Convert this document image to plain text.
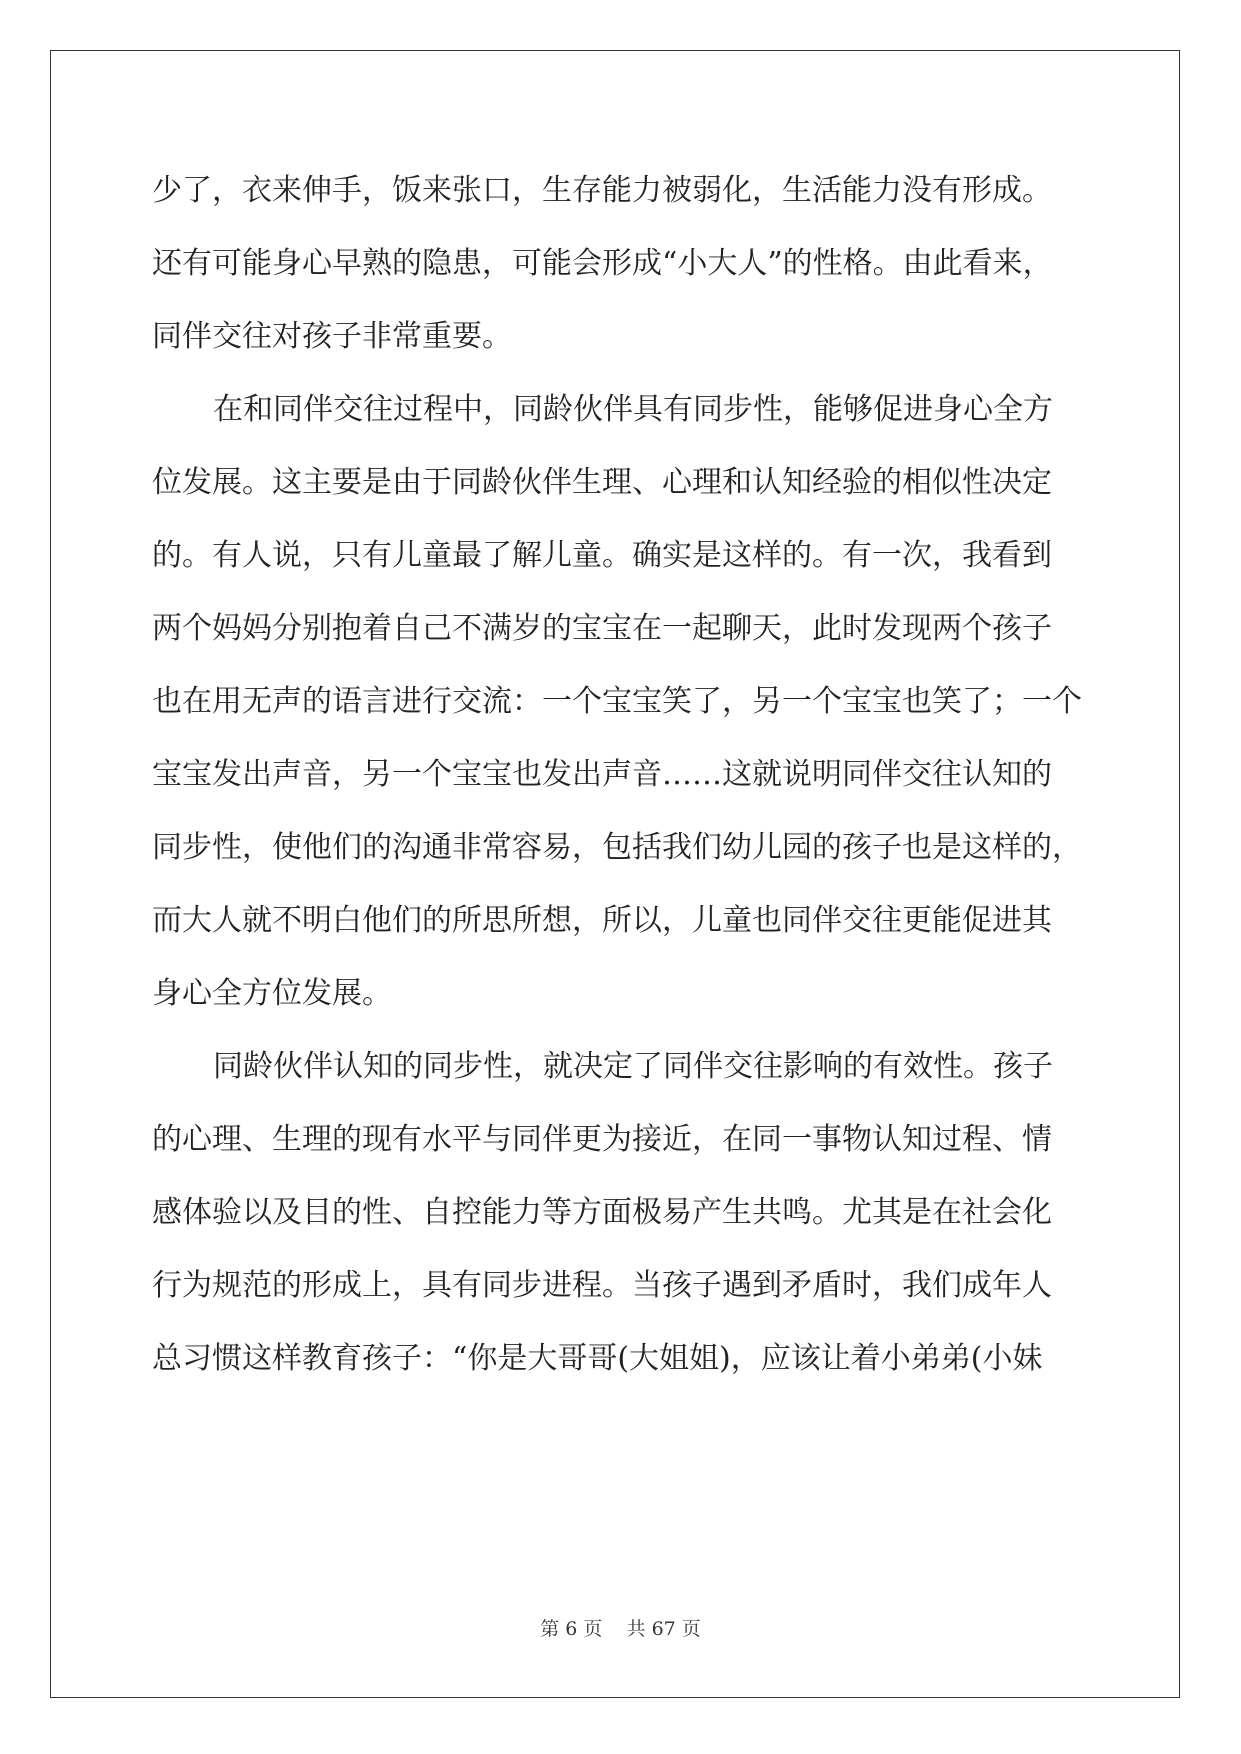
少了，衣来伸手，饭来张口，生存能力被弱化，生活能力没有形成。
还有可能身心早熟的隐患，可能会形成“小大人”的性格。由此看来，
同伴交往对孩子非常重要。
在和同伴交往过程中，同龄伙伴具有同步性，能够促进身心全方
位发展。这主要是由于同龄伙伴生理、心理和认知经验的相似性决定
的。有人说，只有儿童最了解儿童。确实是这样的。有一次，我看到
两个妈妈分别抱着自己不满岁的宝宝在一起聊天，此时发现两个孩子
也在用无声的语言进行交流：一个宝宝笑了，另一个宝宝也笑了；一个
宝宝发出声音，另一个宝宝也发出声音……这就说明同伴交往认知的
同步性，使他们的沟通非常容易，包括我们幼儿园的孩子也是这样的，
而大人就不明白他们的所思所想，所以，儿童也同伴交往更能促进其
身心全方位发展。
同龄伙伴认知的同步性，就决定了同伴交往影响的有效性。孩子
的心理、生理的现有水平与同伴更为接近，在同一事物认知过程、情
感体验以及目的性、自控能力等方面极易产生共鸣。尤其是在社会化
行为规范的形成上，具有同步进程。当孩子遇到矛盾时，我们成年人
总习惯这样教育孩子：“你是大哥哥(大姐姐)，应该让着小弟弟(小妹
第 6 页 共 67 页
